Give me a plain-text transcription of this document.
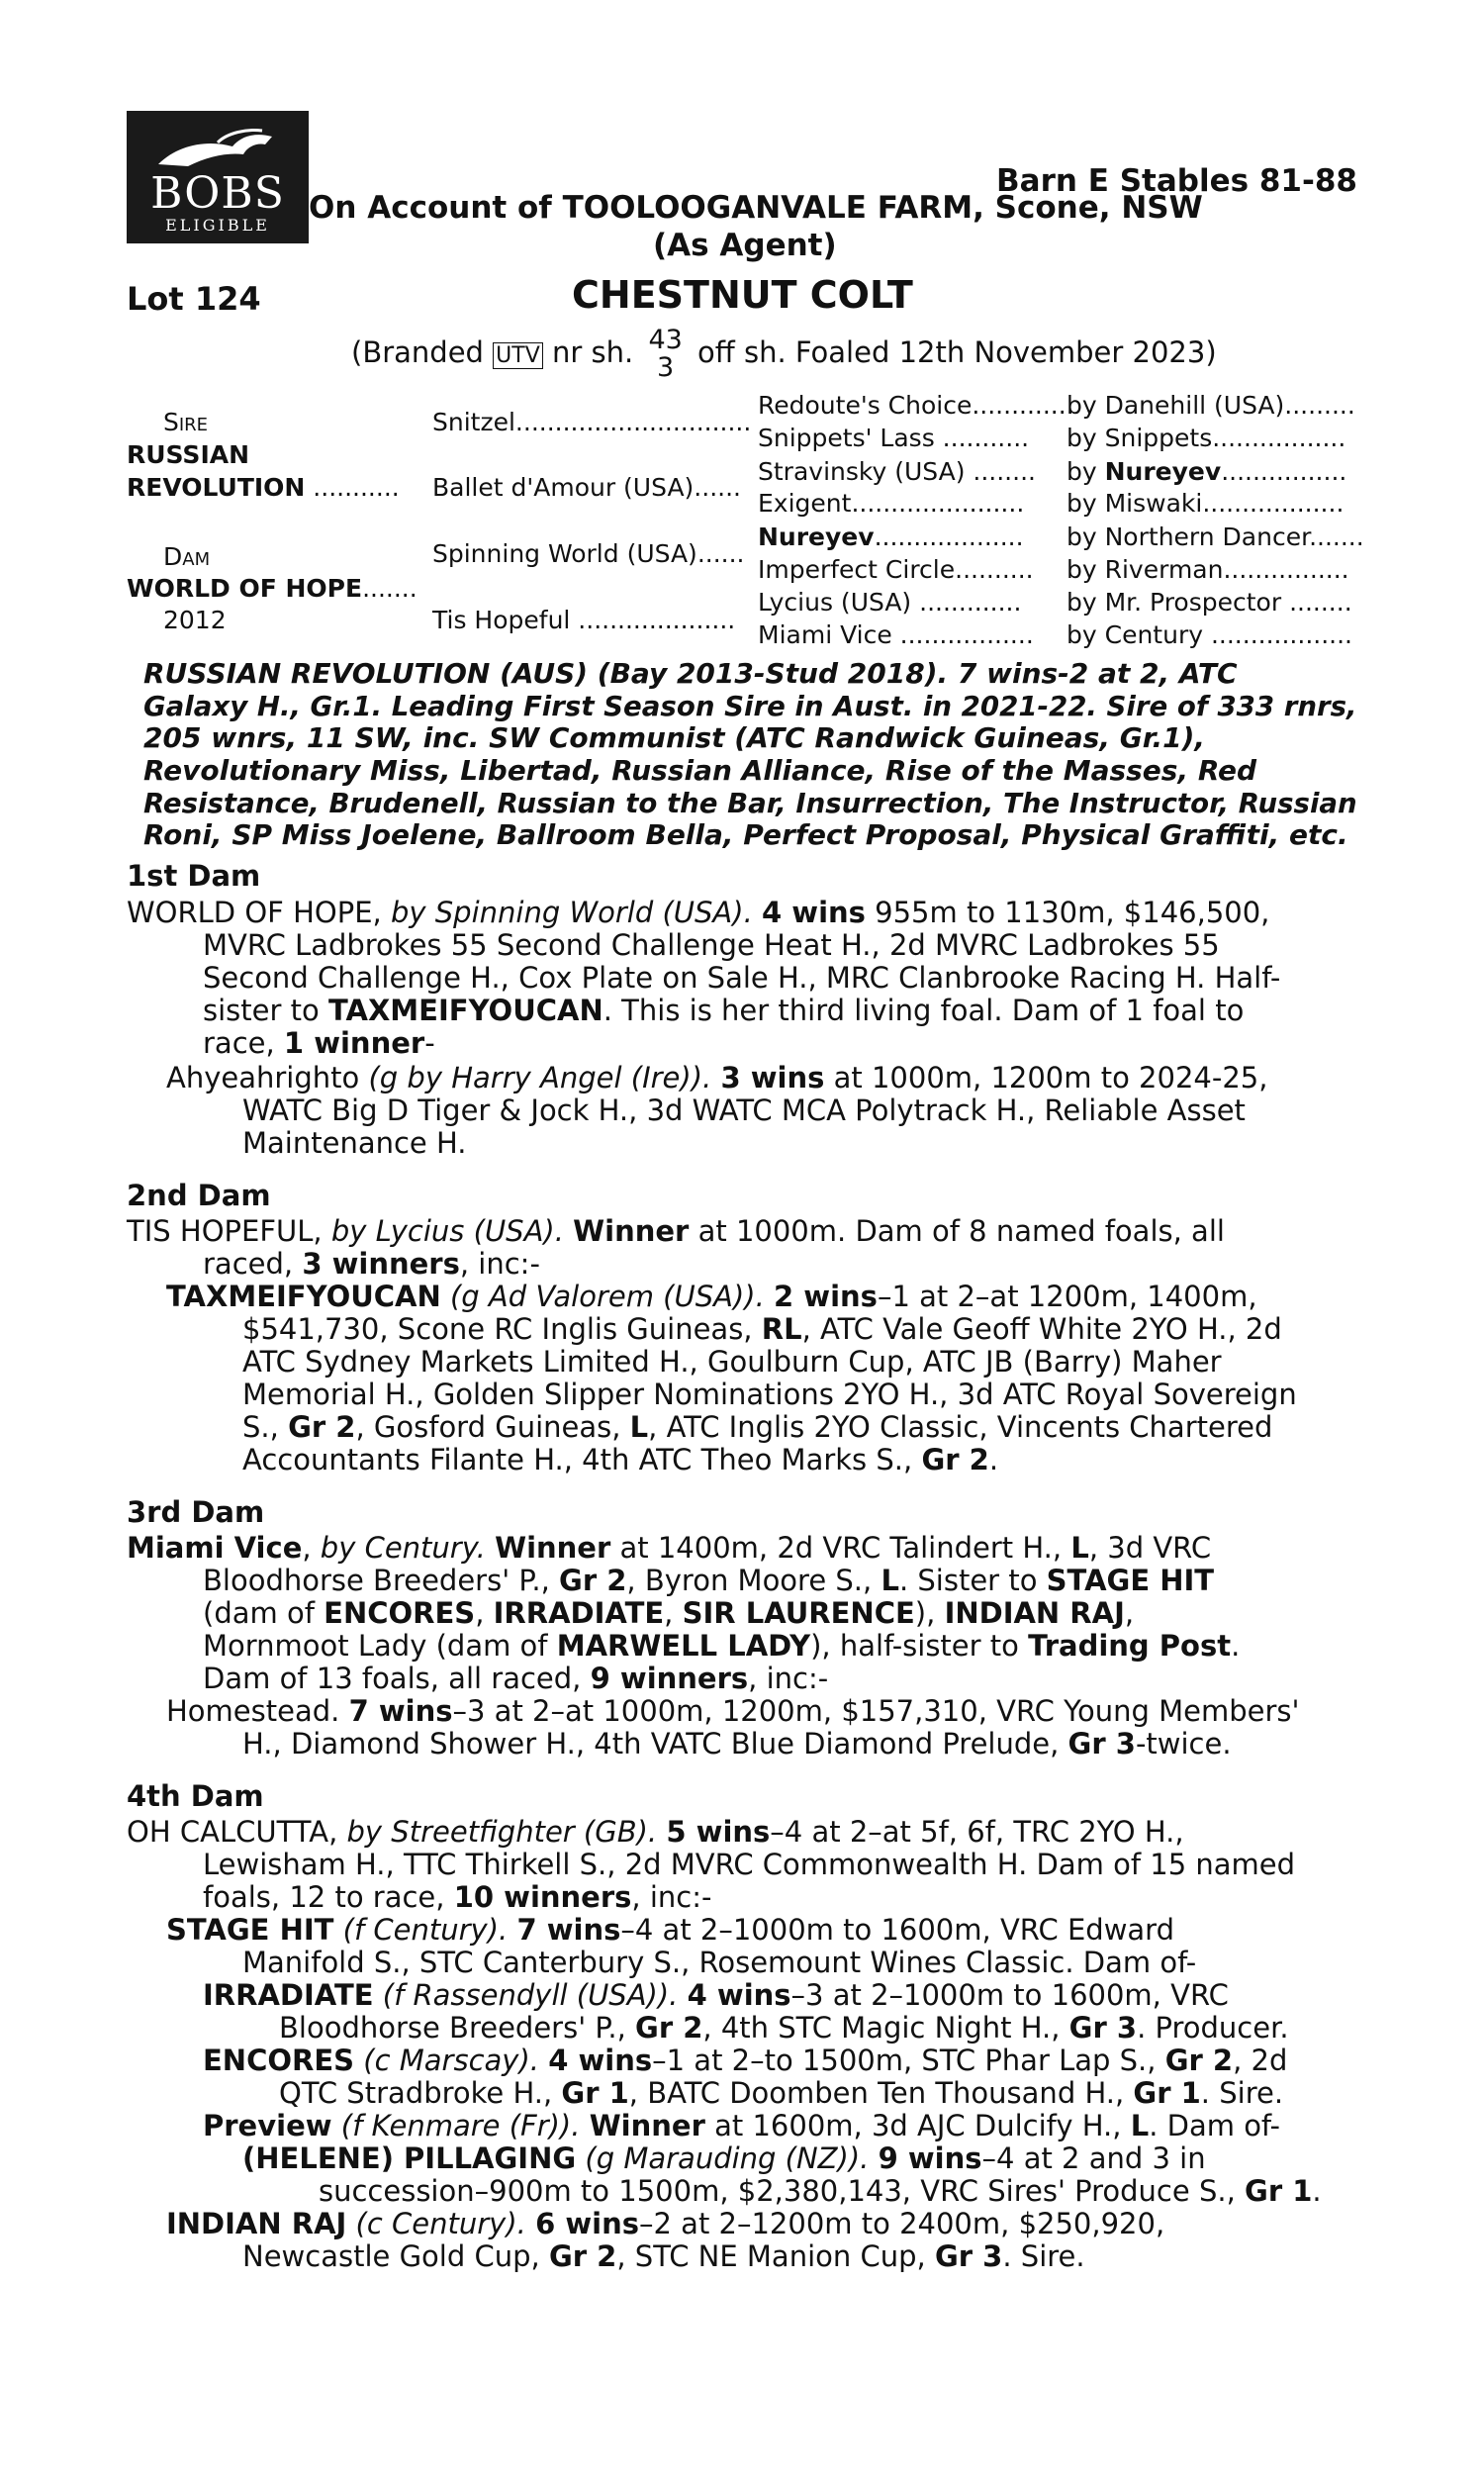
BOBS
ELIGIBLE
Barn E Stables 81-88
On Account of TOOLOOGANVALE FARM, Scone, NSW
(As Agent)
Lot 124	CHESTNUT COLT
(Branded UTV nr sh. 43
3 off sh. Foaled 12th November 2023)
Sire
RUSSIAN
REVOLUTION ...........
Dam
WORLD OF HOPE.......
2012
Snitzel..............................
Ballet d'Amour (USA)......
Spinning World (USA)......
Tis Hopeful ....................
Redoute's Choice.............
Snippets' Lass ...........
Stravinsky (USA) ........
Exigent......................
Nureyev...................
Imperfect Circle..........
Lycius (USA) .............
Miami Vice .................
by Danehill (USA).........
by Snippets.................
by Nureyev................
by Miswaki..................
by Northern Dancer.......
by Riverman................
by Mr. Prospector ........
by Century ..................
RUSSIAN REVOLUTION (AUS) (Bay 2013-Stud 2018). 7 wins-2 at 2, ATC
Galaxy H., Gr.1. Leading First Season Sire in Aust. in 2021-22. Sire of 333 rnrs,
205 wnrs, 11 SW, inc. SW Communist (ATC Randwick Guineas, Gr.1),
Revolutionary Miss, Libertad, Russian Alliance, Rise of the Masses, Red
Resistance, Brudenell, Russian to the Bar, Insurrection, The Instructor, Russian
Roni, SP Miss Joelene, Ballroom Bella, Perfect Proposal, Physical Graffiti, etc.
1st Dam
WORLD OF HOPE, by Spinning World (USA). 4 wins 955m to 1130m, $146,500,
MVRC Ladbrokes 55 Second Challenge Heat H., 2d MVRC Ladbrokes 55
Second Challenge H., Cox Plate on Sale H., MRC Clanbrooke Racing H. Half-
sister to TAXMEIFYOUCAN. This is her third living foal. Dam of 1 foal to
race, 1 winner-
Ahyeahrighto (g by Harry Angel (Ire)). 3 wins at 1000m, 1200m to 2024-25,
WATC Big D Tiger & Jock H., 3d WATC MCA Polytrack H., Reliable Asset
Maintenance H.
2nd Dam
TIS HOPEFUL, by Lycius (USA). Winner at 1000m. Dam of 8 named foals, all
raced, 3 winners, inc:-
TAXMEIFYOUCAN (g Ad Valorem (USA)). 2 wins–1 at 2–at 1200m, 1400m,
$541,730, Scone RC Inglis Guineas, RL, ATC Vale Geoff White 2YO H., 2d
ATC Sydney Markets Limited H., Goulburn Cup, ATC JB (Barry) Maher
Memorial H., Golden Slipper Nominations 2YO H., 3d ATC Royal Sovereign
S., Gr 2, Gosford Guineas, L, ATC Inglis 2YO Classic, Vincents Chartered
Accountants Filante H., 4th ATC Theo Marks S., Gr 2.
3rd Dam
Miami Vice, by Century. Winner at 1400m, 2d VRC Talindert H., L, 3d VRC
Bloodhorse Breeders' P., Gr 2, Byron Moore S., L. Sister to STAGE HIT
(dam of ENCORES, IRRADIATE, SIR LAURENCE), INDIAN RAJ,
Mornmoot Lady (dam of MARWELL LADY), half-sister to Trading Post.
Dam of 13 foals, all raced, 9 winners, inc:-
Homestead. 7 wins–3 at 2–at 1000m, 1200m, $157,310, VRC Young Members'
H., Diamond Shower H., 4th VATC Blue Diamond Prelude, Gr 3-twice.
4th Dam
OH CALCUTTA, by Streetfighter (GB). 5 wins–4 at 2–at 5f, 6f, TRC 2YO H.,
Lewisham H., TTC Thirkell S., 2d MVRC Commonwealth H. Dam of 15 named
foals, 12 to race, 10 winners, inc:-
STAGE HIT (f Century). 7 wins–4 at 2–1000m to 1600m, VRC Edward
Manifold S., STC Canterbury S., Rosemount Wines Classic. Dam of-
IRRADIATE (f Rassendyll (USA)). 4 wins–3 at 2–1000m to 1600m, VRC
Bloodhorse Breeders' P., Gr 2, 4th STC Magic Night H., Gr 3. Producer.
ENCORES (c Marscay). 4 wins–1 at 2–to 1500m, STC Phar Lap S., Gr 2, 2d
QTC Stradbroke H., Gr 1, BATC Doomben Ten Thousand H., Gr 1. Sire.
Preview (f Kenmare (Fr)). Winner at 1600m, 3d AJC Dulcify H., L. Dam of-
(HELENE) PILLAGING (g Marauding (NZ)). 9 wins–4 at 2 and 3 in
succession–900m to 1500m, $2,380,143, VRC Sires' Produce S., Gr 1.
INDIAN RAJ (c Century). 6 wins–2 at 2–1200m to 2400m, $250,920,
Newcastle Gold Cup, Gr 2, STC NE Manion Cup, Gr 3. Sire.
